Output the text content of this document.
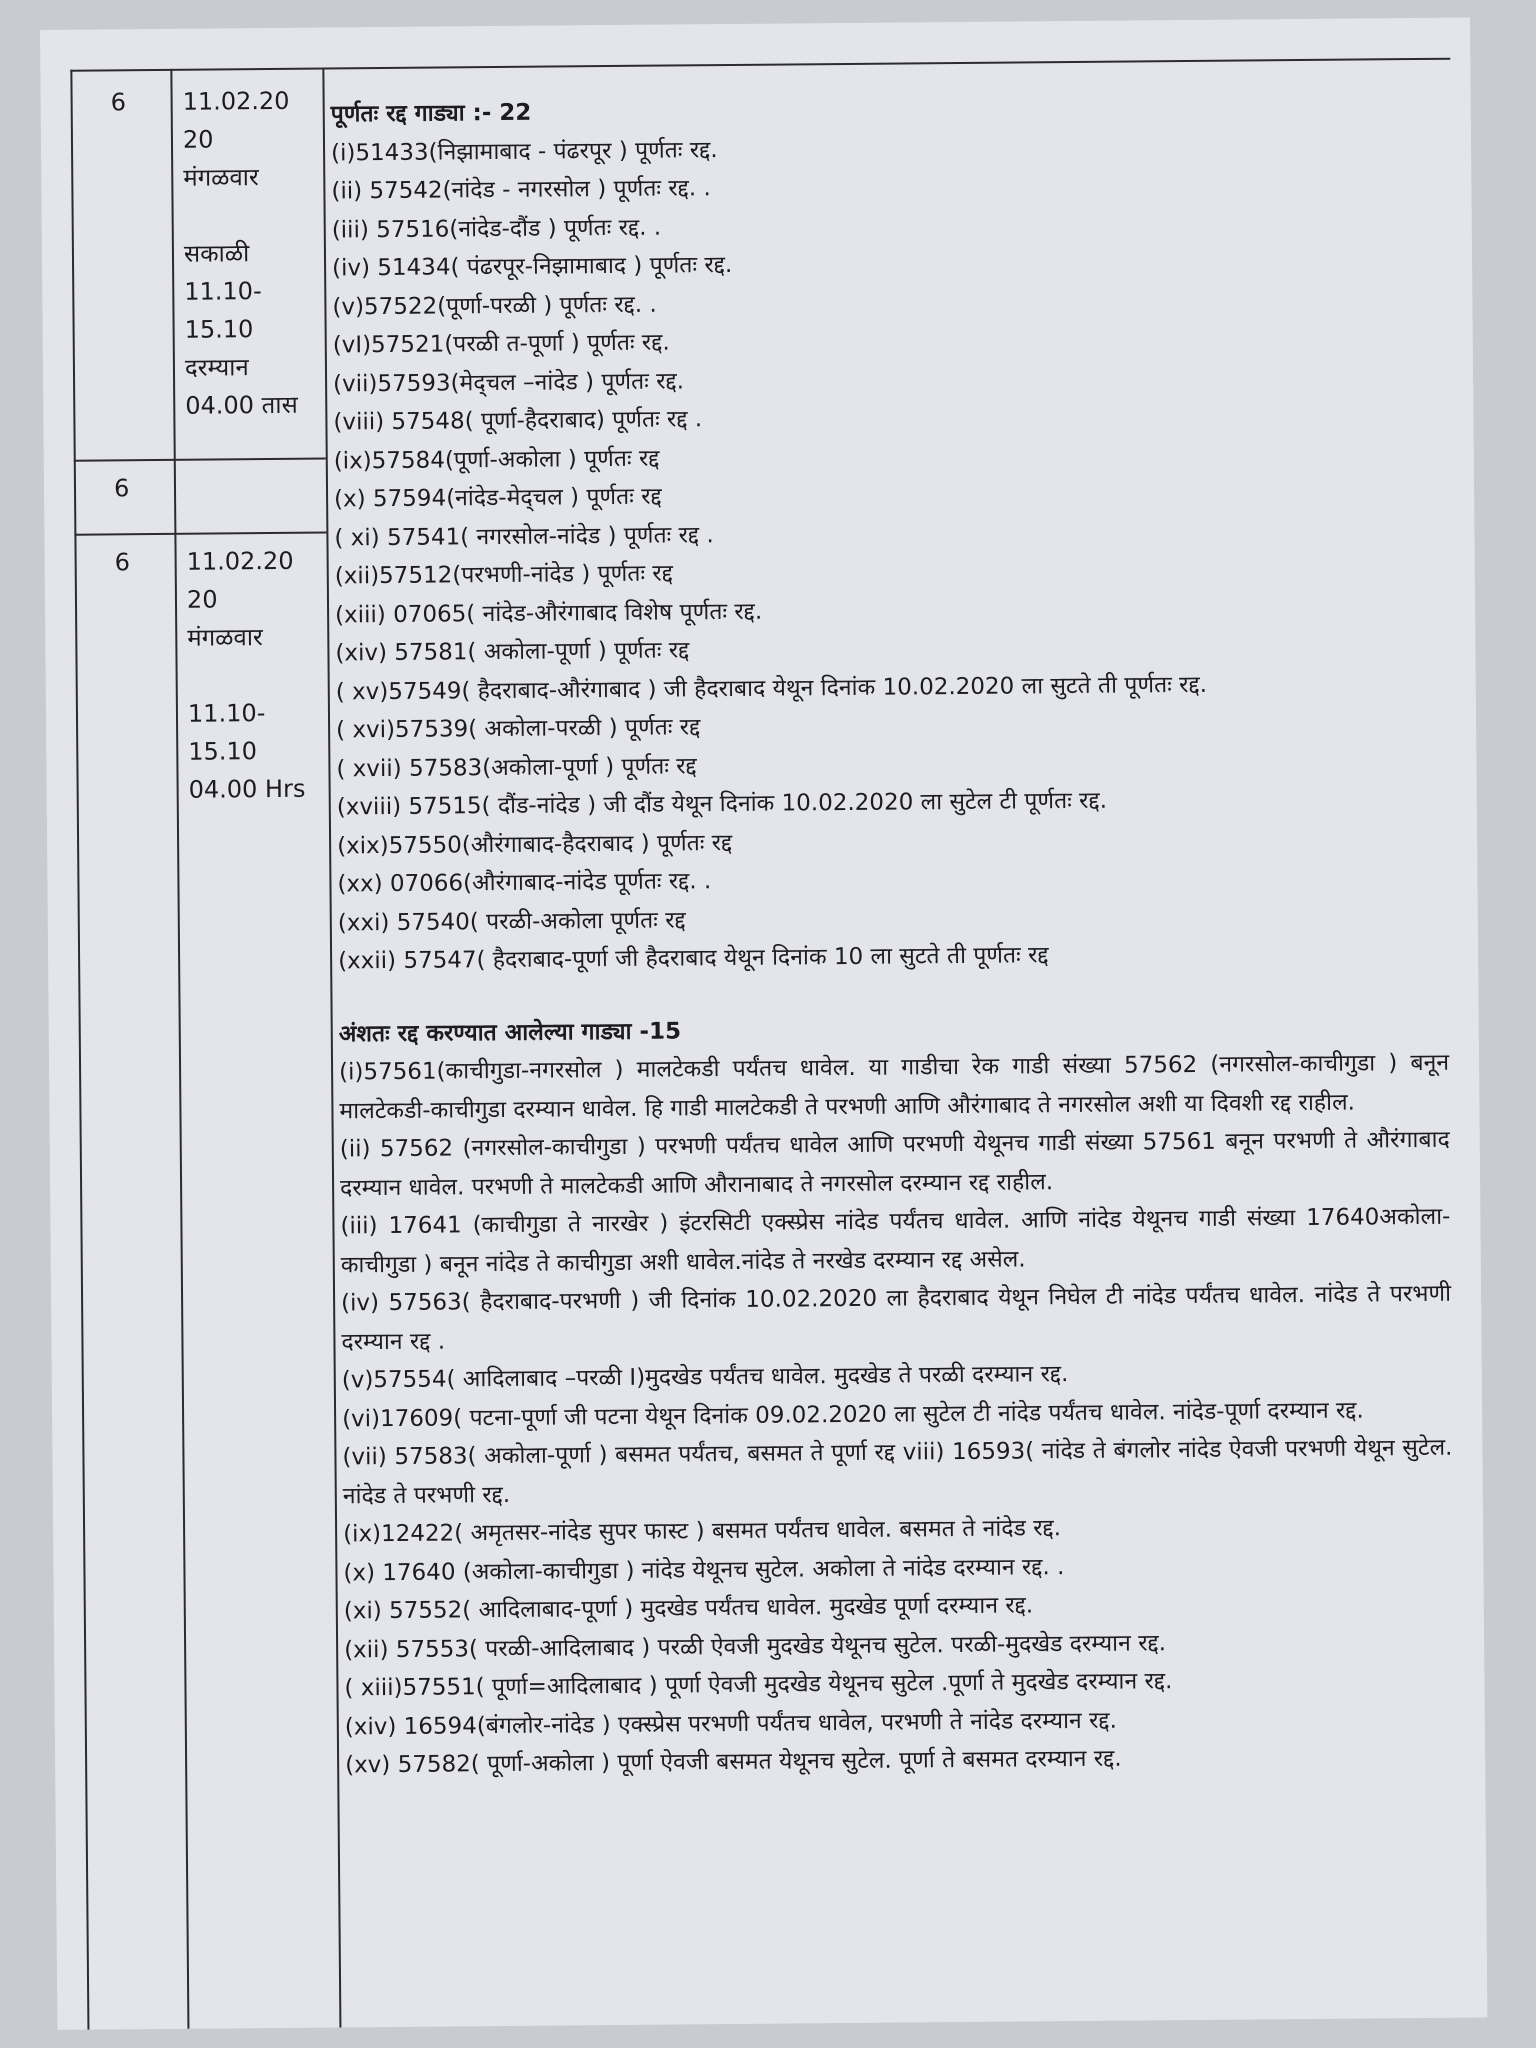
6	11.02.20
20
मंगळवार
सकाळी
11.10-
15.10
दरम्यान
04.00 तास
6
6	11.02.20
20
मंगळवार
11.10-
15.10
04.00 Hrs
पूर्णतः रद्द गाड्या :- 22
(i)51433(निझामाबाद - पंढरपूर ) पूर्णतः रद्द.
(ii) 57542(नांदेड - नगरसोल ) पूर्णतः रद्द. .
(iii) 57516(नांदेड-दौंड ) पूर्णतः रद्द. .
(iv) 51434( पंढरपूर-निझामाबाद ) पूर्णतः रद्द.
(v)57522(पूर्णा-परळी ) पूर्णतः रद्द. .
(vI)57521(परळी त-पूर्णा ) पूर्णतः रद्द.
(vii)57593(मेद्चल –नांदेड ) पूर्णतः रद्द.
(viii) 57548( पूर्णा-हैदराबाद) पूर्णतः रद्द .
(ix)57584(पूर्णा-अकोला ) पूर्णतः रद्द
(x) 57594(नांदेड-मेद्चल ) पूर्णतः रद्द
( xi) 57541( नगरसोल-नांदेड ) पूर्णतः रद्द .
(xii)57512(परभणी-नांदेड ) पूर्णतः रद्द
(xiii) 07065( नांदेड-औरंगाबाद विशेष पूर्णतः रद्द.
(xiv) 57581( अकोला-पूर्णा ) पूर्णतः रद्द
( xv)57549( हैदराबाद-औरंगाबाद ) जी हैदराबाद येथून दिनांक 10.02.2020 ला सुटते ती पूर्णतः रद्द.
( xvi)57539( अकोला-परळी ) पूर्णतः रद्द
( xvii) 57583(अकोला-पूर्णा ) पूर्णतः रद्द
(xviii) 57515( दौंड-नांदेड ) जी दौंड येथून दिनांक 10.02.2020 ला सुटेल टी पूर्णतः रद्द.
(xix)57550(औरंगाबाद-हैदराबाद ) पूर्णतः रद्द
(xx) 07066(औरंगाबाद-नांदेड पूर्णतः रद्द. .
(xxi) 57540( परळी-अकोला पूर्णतः रद्द
(xxii) 57547( हैदराबाद-पूर्णा जी हैदराबाद येथून दिनांक 10 ला सुटते ती पूर्णतः रद्द
अंशतः रद्द करण्यात आलेल्या गाड्या -15
(i)57561(काचीगुडा-नगरसोल ) मालटेकडी पर्यंतच धावेल. या गाडीचा रेक गाडी संख्या 57562 (नगरसोल-काचीगुडा ) बनून मालटेकडी-काचीगुडा दरम्यान धावेल. हि गाडी मालटेकडी ते परभणी आणि औरंगाबाद ते नगरसोल अशी या दिवशी रद्द राहील.
(ii) 57562 (नगरसोल-काचीगुडा ) परभणी पर्यंतच धावेल आणि परभणी येथूनच गाडी संख्या 57561 बनून परभणी ते औरंगाबाद दरम्यान धावेल. परभणी ते मालटेकडी आणि औरानाबाद ते नगरसोल दरम्यान रद्द राहील.
(iii) 17641 (काचीगुडा ते नारखेर ) इंटरसिटी एक्स्प्रेस नांदेड पर्यंतच धावेल. आणि नांदेड येथूनच गाडी संख्या 17640अकोला-काचीगुडा ) बनून नांदेड ते काचीगुडा अशी धावेल.नांदेड ते नरखेड दरम्यान रद्द असेल.
(iv) 57563( हैदराबाद-परभणी ) जी दिनांक 10.02.2020 ला हैदराबाद येथून निघेल टी नांदेड पर्यंतच धावेल. नांदेड ते परभणी दरम्यान रद्द .
(v)57554( आदिलाबाद –परळी I)मुदखेड पर्यंतच धावेल. मुदखेड ते परळी दरम्यान रद्द.
(vi)17609( पटना-पूर्णा जी पटना येथून दिनांक 09.02.2020 ला सुटेल टी नांदेड पर्यंतच धावेल. नांदेड-पूर्णा दरम्यान रद्द.
(vii) 57583( अकोला-पूर्णा ) बसमत पर्यंतच, बसमत ते पूर्णा रद्द viii) 16593( नांदेड ते बंगलोर नांदेड ऐवजी परभणी येथून सुटेल. नांदेड ते परभणी रद्द.
(ix)12422( अमृतसर-नांदेड सुपर फास्ट ) बसमत पर्यंतच धावेल. बसमत ते नांदेड रद्द.
(x) 17640 (अकोला-काचीगुडा ) नांदेड येथूनच सुटेल. अकोला ते नांदेड दरम्यान रद्द. .
(xi) 57552( आदिलाबाद-पूर्णा ) मुदखेड पर्यंतच धावेल. मुदखेड पूर्णा दरम्यान रद्द.
(xii) 57553( परळी-आदिलाबाद ) परळी ऐवजी मुदखेड येथूनच सुटेल. परळी-मुदखेड दरम्यान रद्द.
( xiii)57551( पूर्णा=आदिलाबाद ) पूर्णा ऐवजी मुदखेड येथूनच सुटेल .पूर्णा ते मुदखेड दरम्यान रद्द.
(xiv) 16594(बंगलोर-नांदेड ) एक्स्प्रेस परभणी पर्यंतच धावेल, परभणी ते नांदेड दरम्यान रद्द.
(xv) 57582( पूर्णा-अकोला ) पूर्णा ऐवजी बसमत येथूनच सुटेल. पूर्णा ते बसमत दरम्यान रद्द.
